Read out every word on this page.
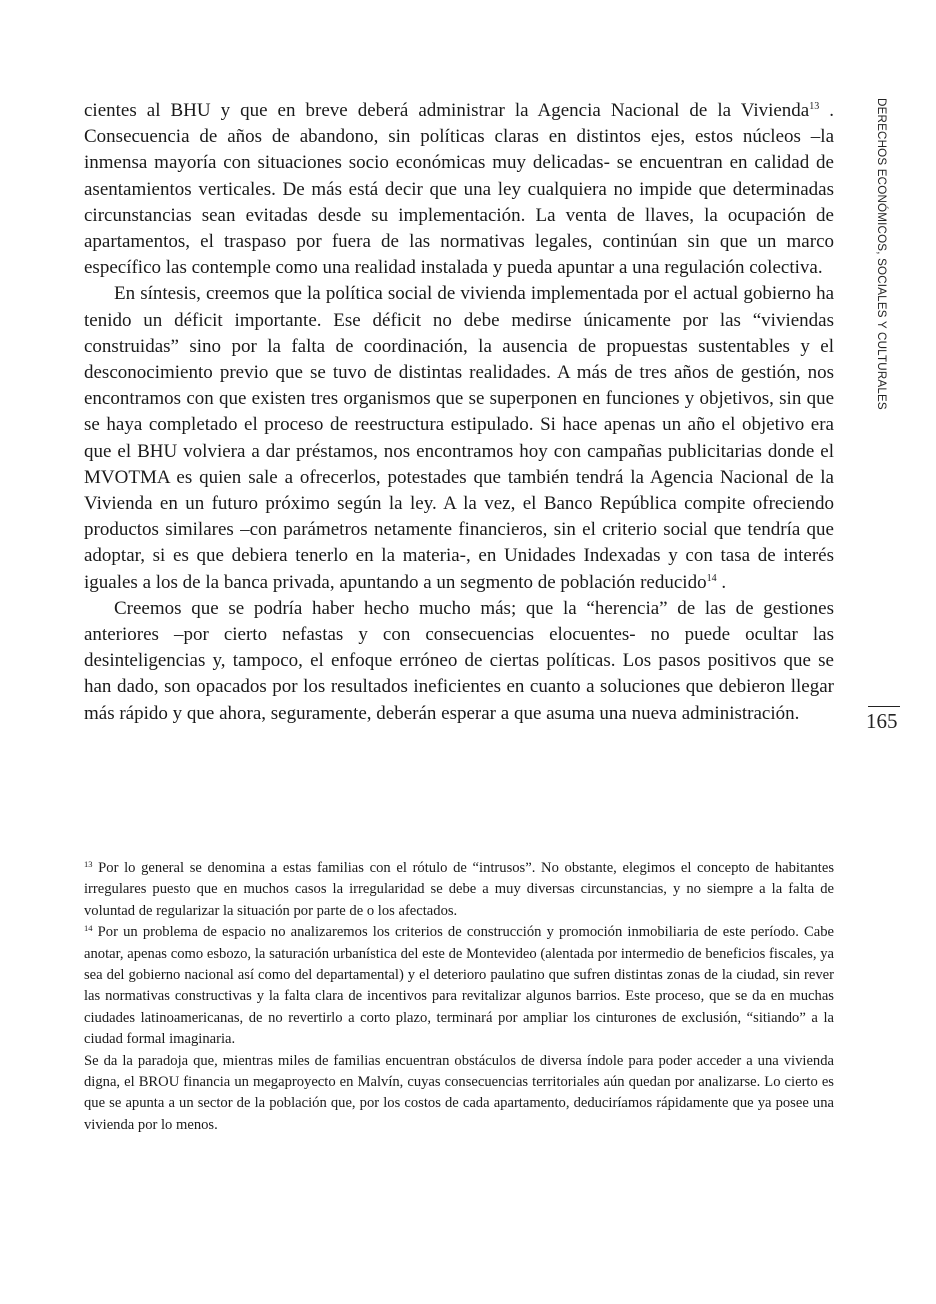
cientes al BHU y que en breve deberá administrar la Agencia Nacional de la Vivienda$^{13}$ . Consecuencia de años de abandono, sin políticas claras en distintos ejes, estos núcleos –la inmensa mayoría con situaciones socio económicas muy delicadas- se encuentran en calidad de asentamientos verticales. De más está decir que una ley cualquiera no impide que determinadas circunstancias sean evitadas desde su implementación. La venta de llaves, la ocupación de apartamentos, el traspaso por fuera de las normativas legales, continúan sin que un marco específico las contemple como una realidad instalada y pueda apuntar a una regulación colectiva.

En síntesis, creemos que la política social de vivienda implementada por el actual gobierno ha tenido un déficit importante. Ese déficit no debe medirse únicamente por las “viviendas construidas” sino por la falta de coordinación, la ausencia de propuestas sustentables y el desconocimiento previo que se tuvo de distintas realidades. A más de tres años de gestión, nos encontramos con que existen tres organismos que se superponen en funciones y objetivos, sin que se haya completado el proceso de reestructura estipulado. Si hace apenas un año el objetivo era que el BHU volviera a dar préstamos, nos encontramos hoy con campañas publicitarias donde el MVOTMA es quien sale a ofrecerlos, potestades que también tendrá la Agencia Nacional de la Vivienda en un futuro próximo según la ley. A la vez, el Banco República compite ofreciendo productos similares –con parámetros netamente financieros, sin el criterio social que tendría que adoptar, si es que debiera tenerlo en la materia-, en Unidades Indexadas y con tasa de interés iguales a los de la banca privada, apuntando a un segmento de población reducido$^{14}$ .

Creemos que se podría haber hecho mucho más; que la “herencia” de las de gestiones anteriores –por cierto nefastas y con consecuencias elocuentes- no puede ocultar las desinteligencias y, tampoco, el enfoque erróneo de ciertas políticas. Los pasos positivos que se han dado, son opacados por los resultados ineficientes en cuanto a soluciones que debieron llegar más rápido y que ahora, seguramente, deberán esperar a que asuma una nueva administración.

$^{13}$ Por lo general se denomina a estas familias con el rótulo de “intrusos”. No obstante, elegimos el concepto de habitantes irregulares puesto que en muchos casos la irregularidad se debe a muy diversas circunstancias, y no siempre a la falta de voluntad de regularizar la situación por parte de o los afectados.

$^{14}$ Por un problema de espacio no analizaremos los criterios de construcción y promoción inmobiliaria de este período. Cabe anotar, apenas como esbozo, la saturación urbanística del este de Montevideo (alentada por intermedio de beneficios fiscales, ya sea del gobierno nacional así como del departamental) y el deterioro paulatino que sufren distintas zonas de la ciudad, sin rever las normativas constructivas y la falta clara de incentivos para revitalizar algunos barrios. Este proceso, que se da en muchas ciudades latinoamericanas, de no revertirlo a corto plazo, terminará por ampliar los cinturones de exclusión, “sitiando” a la ciudad formal imaginaria.

Se da la paradoja que, mientras miles de familias encuentran obstáculos de diversa índole para poder acceder a una vivienda digna, el BROU financia un megaproyecto en Malvín, cuyas consecuencias territoriales aún quedan por analizarse. Lo cierto es que se apunta a un sector de la población que, por los costos de cada apartamento, deduciríamos rápidamente que ya posee una vivienda por lo menos.

DERECHOS ECONÓMICOS, SOCIALES Y CULTURALES
165
